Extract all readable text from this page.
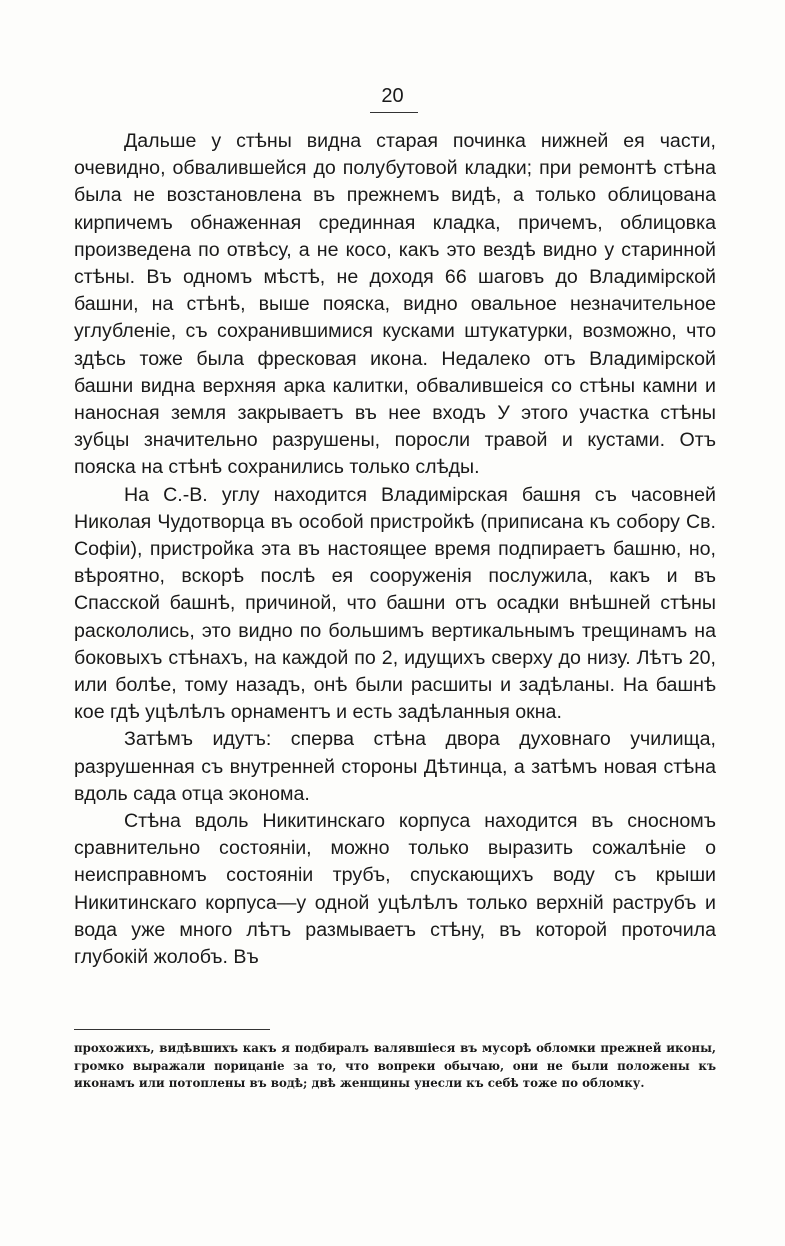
20

Дальше у стѣны видна старая починка нижней ея части, очевидно, обвалившейся до полубутовой кладки; при ремонтѣ стѣна была не возстановлена въ прежнемъ видѣ, а только облицована кирпичемъ обнаженная срединная кладка, причемъ, облицовка произведена по отвѣсу, а не косо, какъ это вездѣ видно у старинной стѣны. Въ одномъ мѣстѣ, не доходя 66 шаговъ до Владимірской башни, на стѣнѣ, выше пояска, видно овальное незначительное углубленіе, съ сохранившимися кусками штукатурки, возможно, что здѣсь тоже была фресковая икона. Недалеко отъ Владимірской башни видна верхняя арка калитки, обвалившеiся со стѣны камни и наносная земля закрываетъ въ нее входъ У этого участка стѣны зубцы значительно разрушены, поросли травой и кустами. Отъ пояска на стѣнѣ сохранились только слѣды.

На С.-В. углу находится Владимірская башня съ часовней Николая Чудотворца въ особой пристройкѣ (приписана къ собору Св. Софіи), пристройка эта въ настоящее время подпираетъ башню, но, вѣроятно, вскорѣ послѣ ея сооруженія послужила, какъ и въ Спасской башнѣ, причиной, что башни отъ осадки внѣшней стѣны раскололись, это видно по большимъ вертикальнымъ трещинамъ на боковыхъ стѣнахъ, на каждой по 2, идущихъ сверху до низу. Лѣтъ 20, или болѣе, тому назадъ, онѣ были расшиты и задѣланы. На башнѣ кое гдѣ уцѣлѣлъ орнаментъ и есть задѣланныя окна.

Затѣмъ идутъ: сперва стѣна двора духовнаго училища, разрушенная съ внутренней стороны Дѣтинца, а затѣмъ новая стѣна вдоль сада отца эконома.

Стѣна вдоль Никитинскаго корпуса находится въ сносномъ сравнительно состояніи, можно только выразить сожалѣніе о неисправномъ состояніи трубъ, спускающихъ воду съ крыши Никитинскаго корпуса—у одной уцѣлѣлъ только верхній раструбъ и вода уже много лѣтъ размываетъ стѣну, въ которой проточила глубокій жолобъ. Въ

прохожихъ, видѣвшихъ какъ я подбиралъ валявшіеся въ мусорѣ обломки прежней иконы, громко выражали порицаніе за то, что вопреки обычаю, они не были положены къ иконамъ или потоплены въ водѣ; двѣ женщины унесли къ себѣ тоже по обломку.
